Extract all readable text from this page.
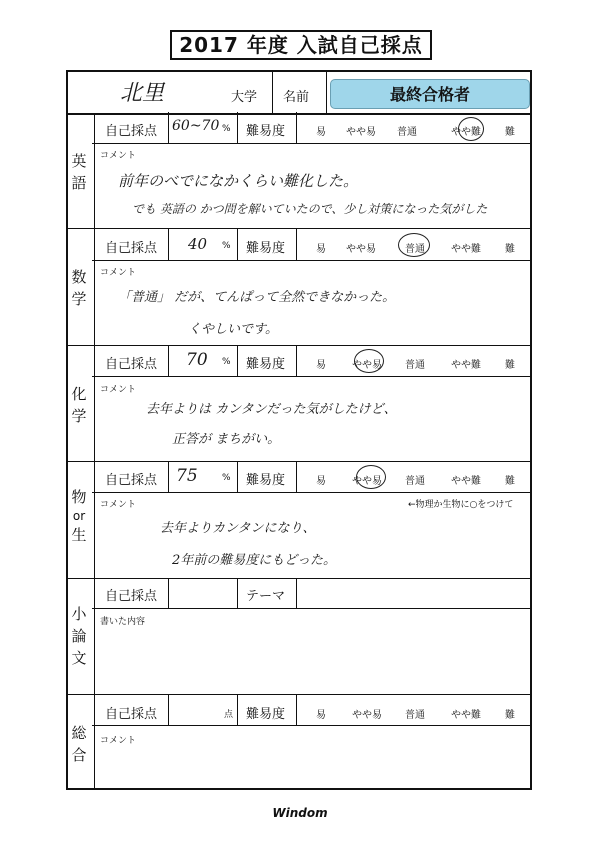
2017 年度 入試自己採点
北里	大学 名前	最終合格者
英
語
自己採点 60~70 % 難易度	易	やや易	普通	やや難	難
コメント
前年のべでになかくらい難化した。
でも 英語の かつ問を解いていたので、少し対策になった気がした
数
学
自己採点 40 % 難易度	易	やや易	普通	やや難	難
コメント
「普通」 だが、てんぱって全然できなかった。
くやしいです。
化
学
自己採点 70 % 難易度	易	やや易	普通	やや難	難
コメント
去年よりは カンタンだった気がしたけど、
正答が まちがい。
物
or
生
自己採点 75	% 難易度	易	やや易	普通	やや難	難
コメント	←物理か生物に○をつけて
去年よりカンタンになり、
2年前の難易度にもどった。
小
論
文
自己採点	テーマ
書いた内容
総
合
自己採点	点 難易度	易	やや易	普通	やや難	難
コメント
Windom
